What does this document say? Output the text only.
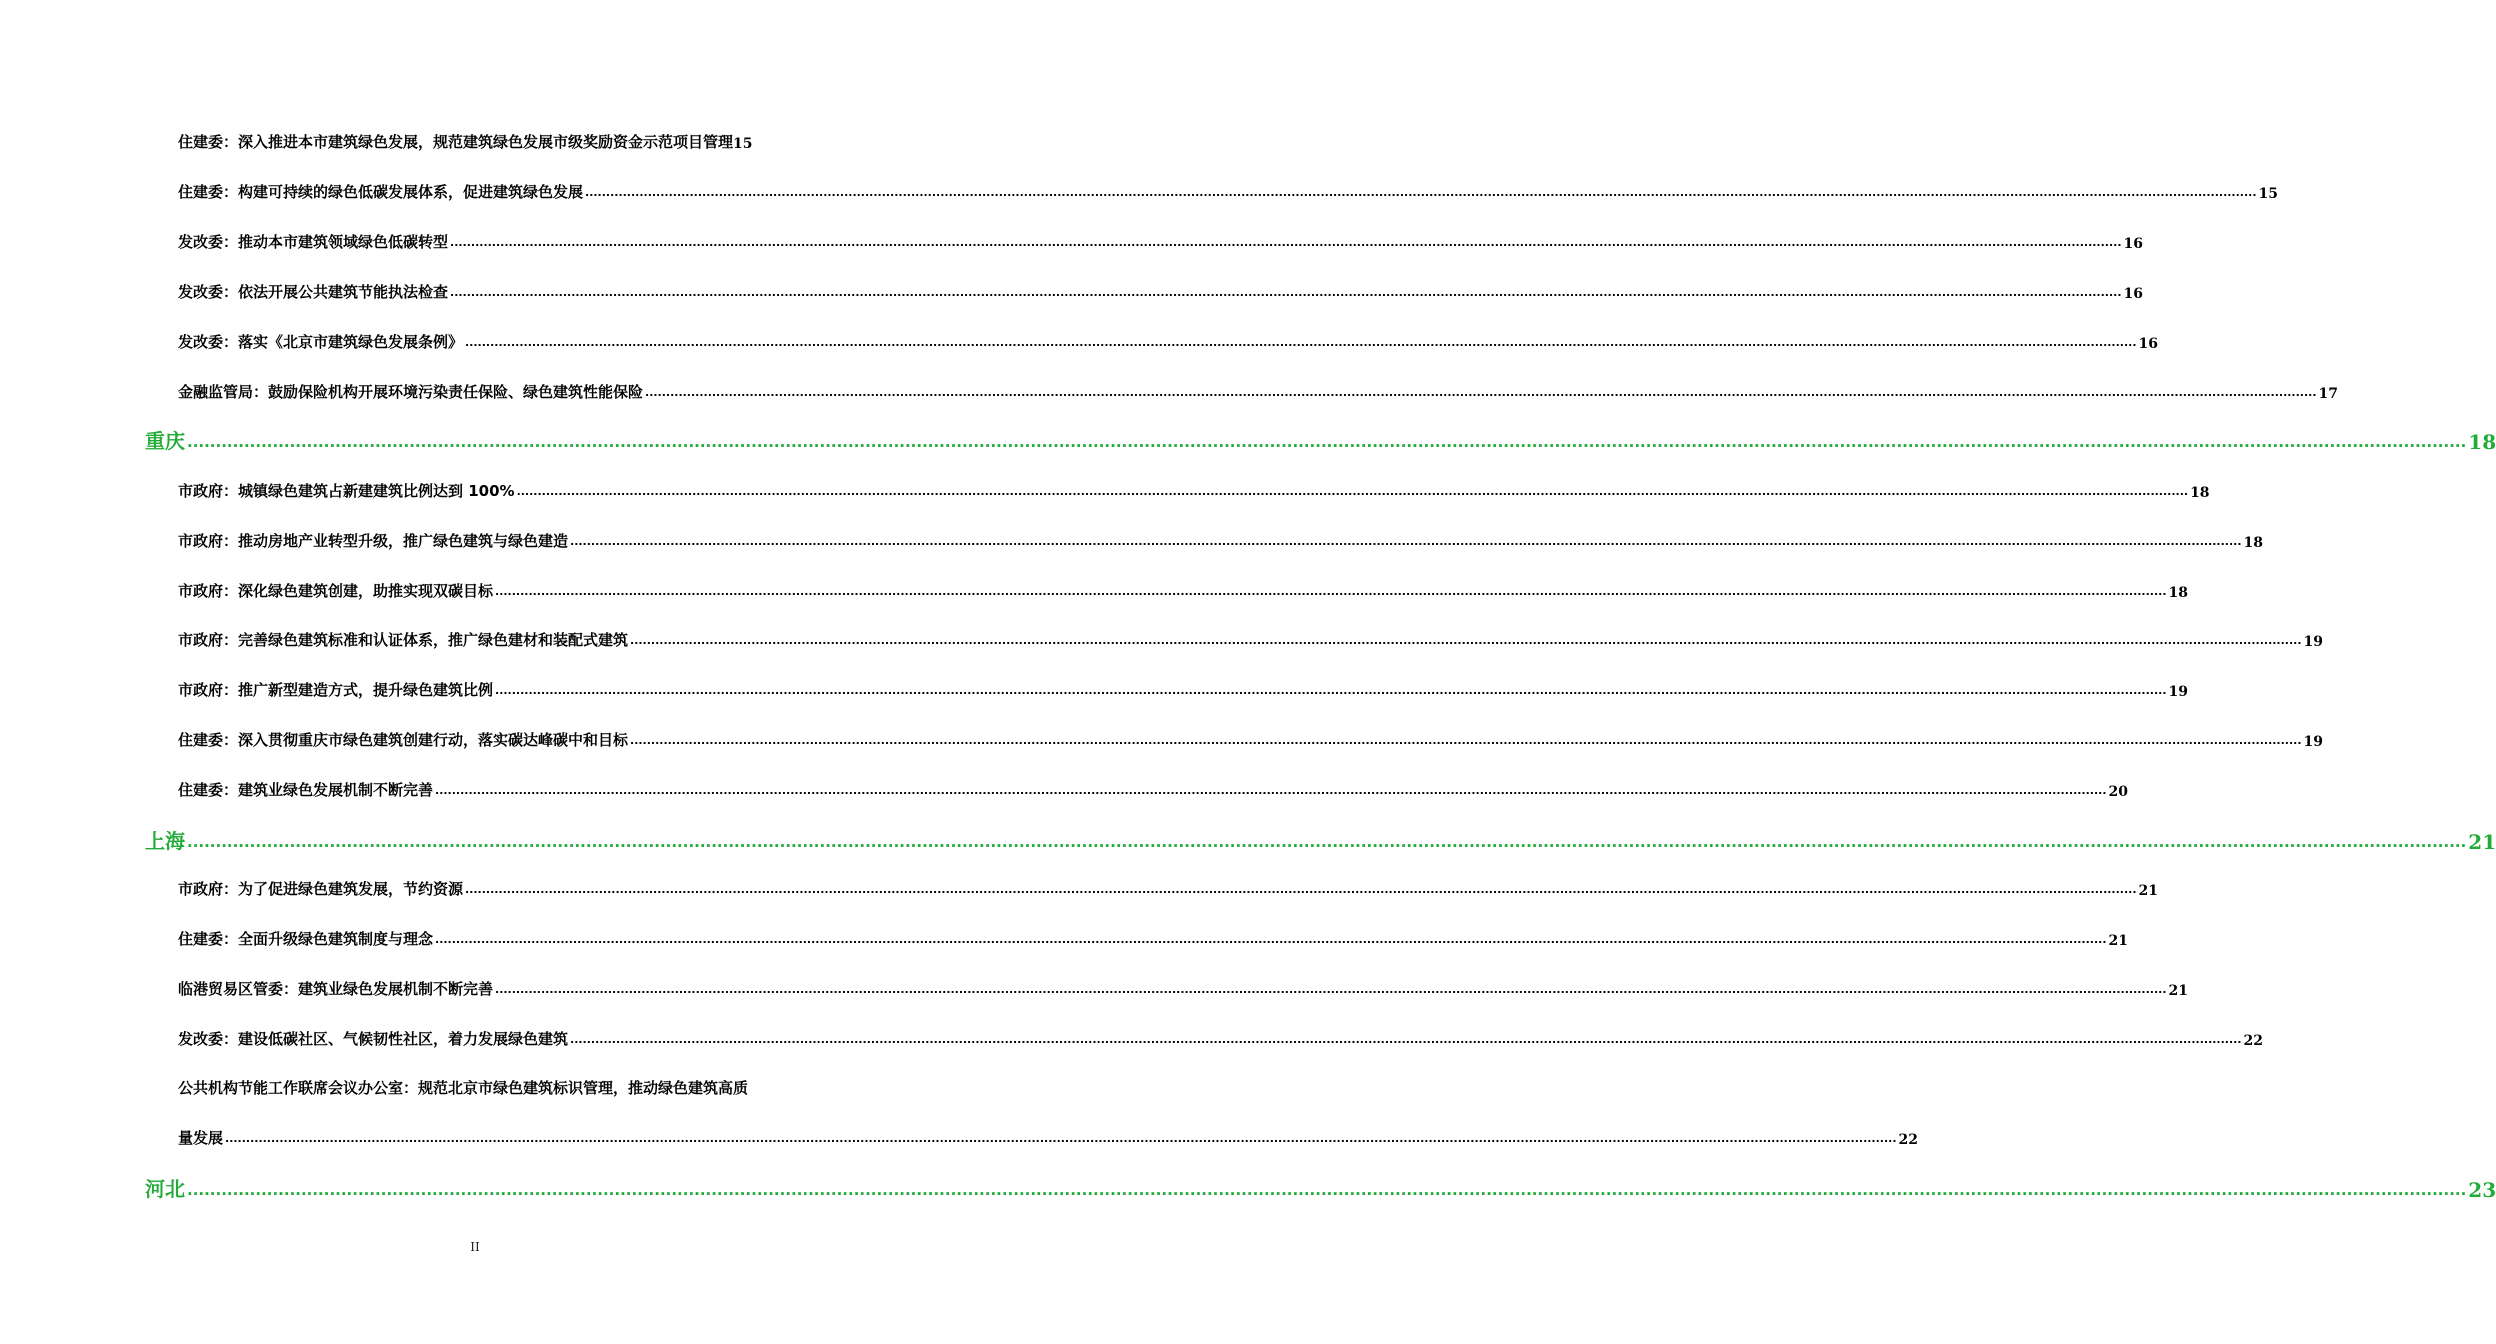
住建委：深入推进本市建筑绿色发展，规范建筑绿色发展市级奖励资金示范项目管理 15
住建委：构建可持续的绿色低碳发展体系，促进建筑绿色发展 ................................................................................................................................................................................................................................................................................................................................................................................................................ 15
发改委：推动本市建筑领域绿色低碳转型 ................................................................................................................................................................................................................................................................................................................................................................................................................ 16
发改委：依法开展公共建筑节能执法检查 ................................................................................................................................................................................................................................................................................................................................................................................................................ 16
发改委：落实《北京市建筑绿色发展条例》 ................................................................................................................................................................................................................................................................................................................................................................................................................ 16
金融监管局：鼓励保险机构开展环境污染责任保险、绿色建筑性能保险 ................................................................................................................................................................................................................................................................................................................................................................................................................ 17
重庆 ................................................................................................................................................................................................................................................................................................................................................................................................................ 18
市政府：城镇绿色建筑占新建建筑比例达到 100% ................................................................................................................................................................................................................................................................................................................................................................................................................ 18
市政府：推动房地产业转型升级，推广绿色建筑与绿色建造 ................................................................................................................................................................................................................................................................................................................................................................................................................ 18
市政府：深化绿色建筑创建，助推实现双碳目标 ................................................................................................................................................................................................................................................................................................................................................................................................................ 18
市政府：完善绿色建筑标准和认证体系，推广绿色建材和装配式建筑 ................................................................................................................................................................................................................................................................................................................................................................................................................ 19
市政府：推广新型建造方式，提升绿色建筑比例 ................................................................................................................................................................................................................................................................................................................................................................................................................ 19
住建委：深入贯彻重庆市绿色建筑创建行动，落实碳达峰碳中和目标 ................................................................................................................................................................................................................................................................................................................................................................................................................ 19
住建委：建筑业绿色发展机制不断完善 ................................................................................................................................................................................................................................................................................................................................................................................................................ 20
上海 ................................................................................................................................................................................................................................................................................................................................................................................................................ 21
市政府：为了促进绿色建筑发展，节约资源 ................................................................................................................................................................................................................................................................................................................................................................................................................ 21
住建委：全面升级绿色建筑制度与理念 ................................................................................................................................................................................................................................................................................................................................................................................................................ 21
临港贸易区管委：建筑业绿色发展机制不断完善 ................................................................................................................................................................................................................................................................................................................................................................................................................ 21
发改委：建设低碳社区、气候韧性社区，着力发展绿色建筑 ................................................................................................................................................................................................................................................................................................................................................................................................................ 22
公共机构节能工作联席会议办公室：规范北京市绿色建筑标识管理，推动绿色建筑高质
量发展 ................................................................................................................................................................................................................................................................................................................................................................................................................ 22
河北 ................................................................................................................................................................................................................................................................................................................................................................................................................ 23
II
